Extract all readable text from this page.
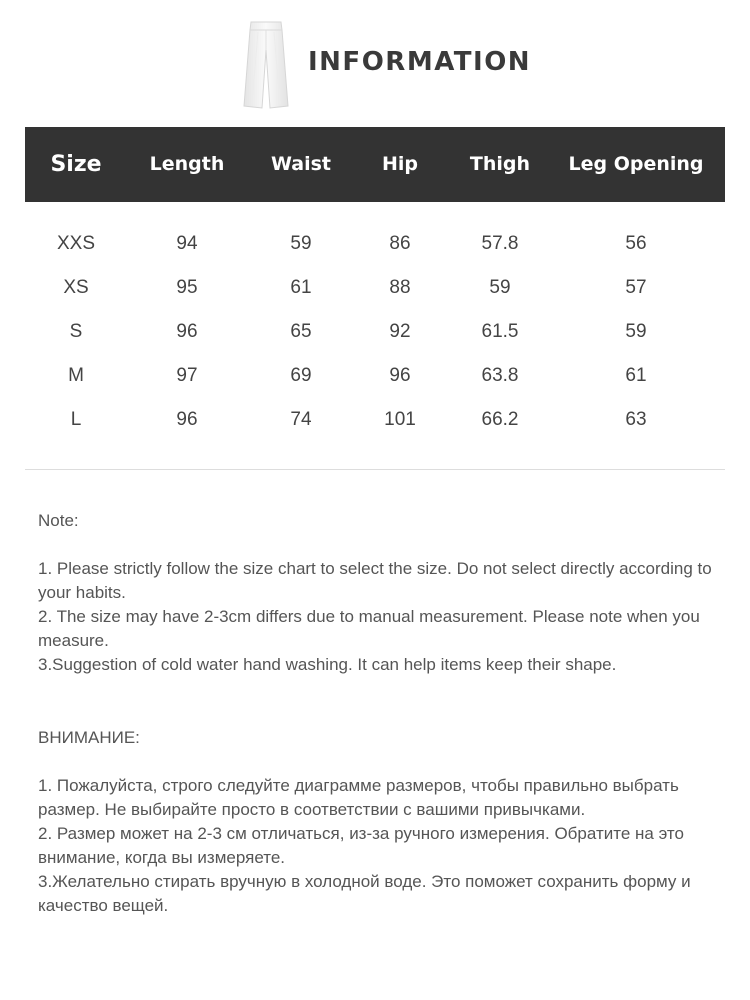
INFORMATION
Size	Length	Waist	Hip	Thigh	Leg Opening
XXS	94	59	86	57.8	56
XS	95	61	88	59	57
S	96	65	92	61.5	59
M	97	69	96	63.8	61
L	96	74	101	66.2	63

Note:

1. Please strictly follow the size chart to select the size. Do not select directly according to your habits.

2. The size may have 2-3cm differs due to manual measurement. Please note when you measure.

3.Suggestion of cold water hand washing. It can help items keep their shape.

ВНИМАНИЕ:

1. Пожалуйста, строго следуйте диаграмме размеров, чтобы правильно выбрать размер. Не выбирайте просто в соответствии с вашими привычками.

2. Размер может на 2-3 см отличаться, из-за ручного измерения. Обратите на это внимание, когда вы измеряете.

3.Желательно стирать вручную в холодной воде. Это поможет сохранить форму и качество вещей.
